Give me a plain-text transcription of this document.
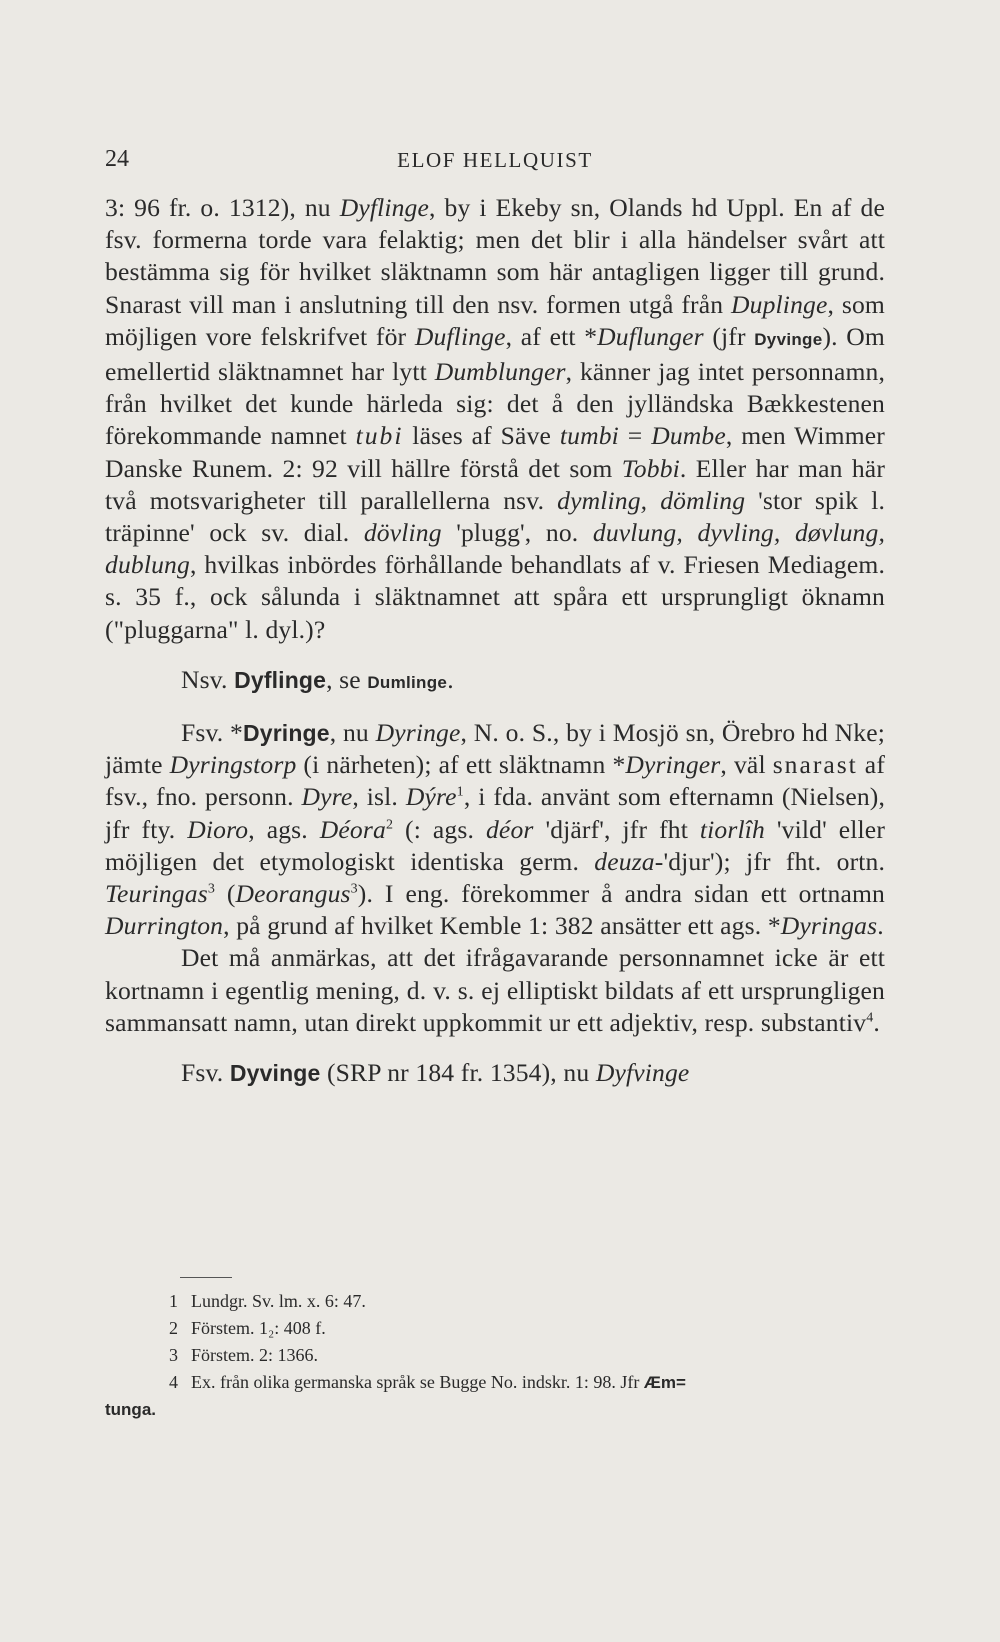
24	ELOF HELLQUIST

3: 96 fr. o. 1312), nu Dyflinge, by i Ekeby sn, Olands hd Uppl. En af de fsv. formerna torde vara felaktig; men det blir i alla händelser svårt att bestämma sig för hvilket släktnamn som här antagligen ligger till grund. Snarast vill man i anslutning till den nsv. formen utgå från Duplinge, som möjligen vore felskrifvet för Duflinge, af ett *Duflunger (jfr Dyvinge). Om emellertid släktnamnet har lytt Dumblunger, känner jag intet personnamn, från hvilket det kunde härleda sig: det å den jylländska Bækkestenen förekommande namnet tubi läses af Säve tumbi = Dumbe, men Wimmer Danske Runem. 2: 92 vill hällre förstå det som Tobbi. Eller har man här två motsvarigheter till parallellerna nsv. dymling, dömling 'stor spik l. träpinne' ock sv. dial. dövling 'plugg', no. duvlung, dyvling, døvlung, dublung, hvilkas inbördes förhållande behandlats af v. Friesen Mediagem. s. 35 f., ock sålunda i släktnamnet att spåra ett ursprungligt öknamn ("pluggarna" l. dyl.)?

Nsv. Dyflinge, se Dumlinge.

Fsv. *Dyringe, nu Dyringe, N. o. S., by i Mosjö sn, Örebro hd Nke; jämte Dyringstorp (i närheten); af ett släktnamn *Dyringer, väl snarast af fsv., fno. personn. Dyre, isl. Dýre$^1$, i fda. använt som efternamn (Nielsen), jfr fty. Dioro, ags. Déora$^2$ (: ags. déor 'djärf', jfr fht tiorlîh 'vild' eller möjligen det etymologiskt identiska germ. deuza-'djur'); jfr fht. ortn. Teuringas$^3$ (Deorangus$^3$). I eng. förekommer å andra sidan ett ortnamn Durrington, på grund af hvilket Kemble 1: 382 ansätter ett ags. *Dyringas.

Det må anmärkas, att det ifrågavarande personnamnet icke är ett kortnamn i egentlig mening, d. v. s. ej elliptiskt bildats af ett ursprungligen sammansatt namn, utan direkt uppkommit ur ett adjektiv, resp. substantiv$^4$.

Fsv. Dyvinge (SRP nr 184 fr. 1354), nu Dyfvinge

1 Lundgr. Sv. lm. x. 6: 47.
2 Förstem. 1₂: 408 f.
3 Förstem. 2: 1366.
4 Ex. från olika germanska språk se Bugge No. indskr. 1: 98. Jfr Æm=
tunga.
